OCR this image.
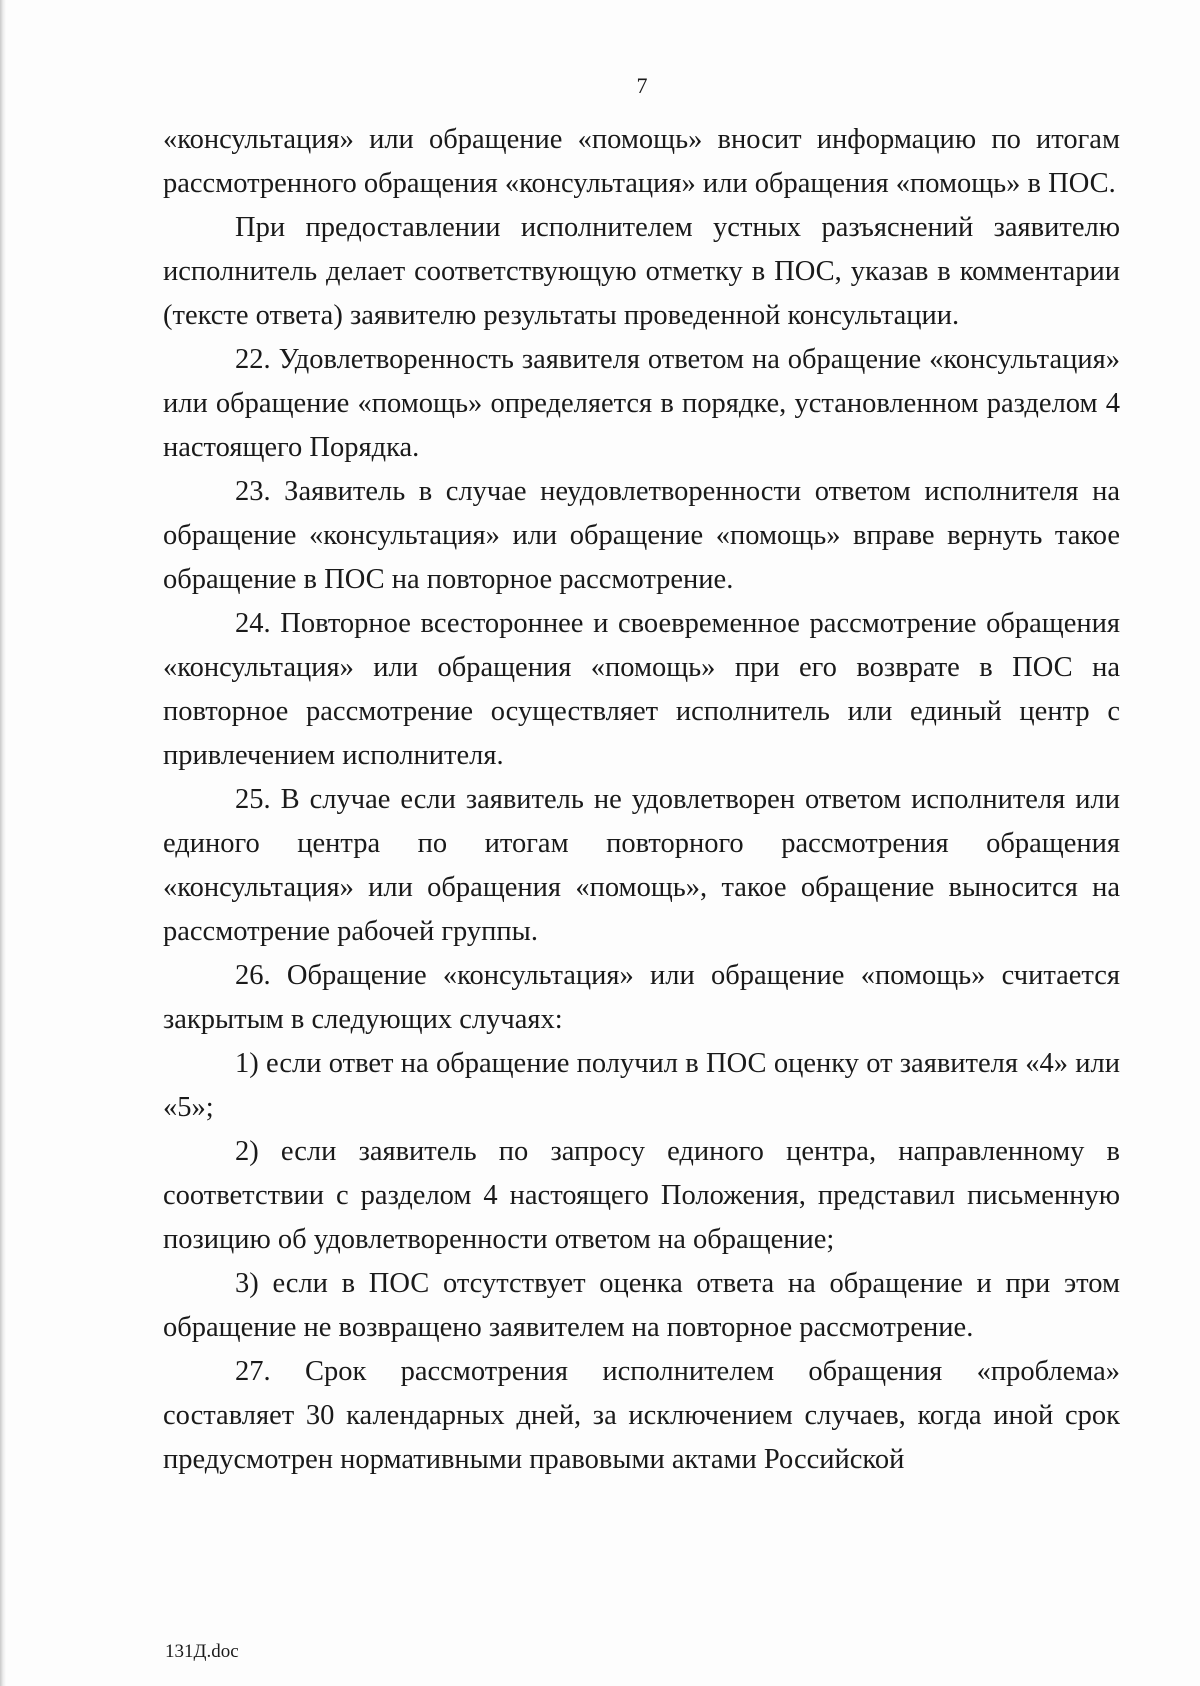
7

«консультация» или обращение «помощь» вносит информацию по итогам рассмотренного обращения «консультация» или обращения «помощь» в ПОС.

При предоставлении исполнителем устных разъяснений заявителю исполнитель делает соответствующую отметку в ПОС, указав в комментарии (тексте ответа) заявителю результаты проведенной консультации.

22. Удовлетворенность заявителя ответом на обращение «консультация» или обращение «помощь» определяется в порядке, установленном разделом 4 настоящего Порядка.

23. Заявитель в случае неудовлетворенности ответом исполнителя на обращение «консультация» или обращение «помощь» вправе вернуть такое обращение в ПОС на повторное рассмотрение.

24. Повторное всестороннее и своевременное рассмотрение обращения «консультация» или обращения «помощь» при его возврате в ПОС на повторное рассмотрение осуществляет исполнитель или единый центр с привлечением исполнителя.

25. В случае если заявитель не удовлетворен ответом исполнителя или единого центра по итогам повторного рассмотрения обращения «консультация» или обращения «помощь», такое обращение выносится на рассмотрение рабочей группы.

26. Обращение «консультация» или обращение «помощь» считается закрытым в следующих случаях:

1) если ответ на обращение получил в ПОС оценку от заявителя «4» или «5»;

2) если заявитель по запросу единого центра, направленному в соответствии с разделом 4 настоящего Положения, представил письменную позицию об удовлетворенности ответом на обращение;

3) если в ПОС отсутствует оценка ответа на обращение и при этом обращение не возвращено заявителем на повторное рассмотрение.

27. Срок рассмотрения исполнителем обращения «проблема» составляет 30 календарных дней, за исключением случаев, когда иной срок предусмотрен нормативными правовыми актами Российской

131Д.doc
